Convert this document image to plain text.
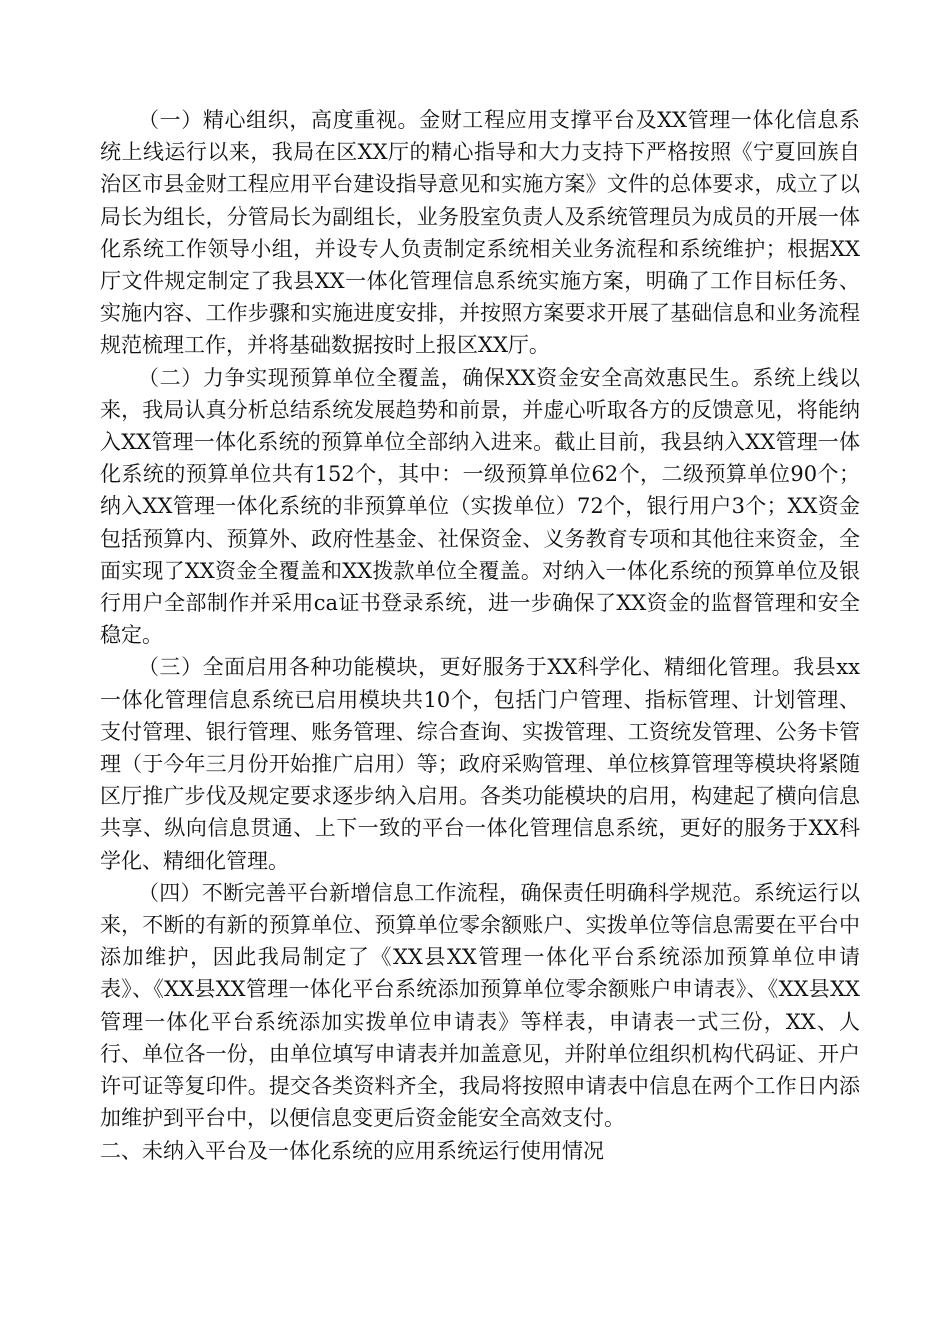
（一）精心组织，高度重视。金财工程应用支撑平台及XX管理一体化信息系统上线运行以来，我局在区XX厅的精心指导和大力支持下严格按照《宁夏回族自治区市县金财工程应用平台建设指导意见和实施方案》文件的总体要求，成立了以局长为组长，分管局长为副组长，业务股室负责人及系统管理员为成员的开展一体化系统工作领导小组，并设专人负责制定系统相关业务流程和系统维护；根据XX厅文件规定制定了我县XX一体化管理信息系统实施方案，明确了工作目标任务、实施内容、工作步骤和实施进度安排，并按照方案要求开展了基础信息和业务流程规范梳理工作，并将基础数据按时上报区XX厅。

（二）力争实现预算单位全覆盖，确保XX资金安全高效惠民生。系统上线以来，我局认真分析总结系统发展趋势和前景，并虚心听取各方的反馈意见，将能纳入XX管理一体化系统的预算单位全部纳入进来。截止目前，我县纳入XX管理一体化系统的预算单位共有152个，其中：一级预算单位62个，二级预算单位90个；纳入XX管理一体化系统的非预算单位（实拨单位）72个，银行用户3个；XX资金包括预算内、预算外、政府性基金、社保资金、义务教育专项和其他往来资金，全面实现了XX资金全覆盖和XX拨款单位全覆盖。对纳入一体化系统的预算单位及银行用户全部制作并采用ca证书登录系统，进一步确保了XX资金的监督管理和安全稳定。

（三）全面启用各种功能模块，更好服务于XX科学化、精细化管理。我县xx一体化管理信息系统已启用模块共10个，包括门户管理、指标管理、计划管理、支付管理、银行管理、账务管理、综合查询、实拨管理、工资统发管理、公务卡管理（于今年三月份开始推广启用）等；政府采购管理、单位核算管理等模块将紧随区厅推广步伐及规定要求逐步纳入启用。各类功能模块的启用，构建起了横向信息共享、纵向信息贯通、上下一致的平台一体化管理信息系统，更好的服务于XX科学化、精细化管理。

（四）不断完善平台新增信息工作流程，确保责任明确科学规范。系统运行以来，不断的有新的预算单位、预算单位零余额账户、实拨单位等信息需要在平台中添加维护，因此我局制定了《XX县XX管理一体化平台系统添加预算单位申请表》、《XX县XX管理一体化平台系统添加预算单位零余额账户申请表》、《XX县XX管理一体化平台系统添加实拨单位申请表》等样表，申请表一式三份，XX、人行、单位各一份，由单位填写申请表并加盖意见，并附单位组织机构代码证、开户许可证等复印件。提交各类资料齐全，我局将按照申请表中信息在两个工作日内添加维护到平台中，以便信息变更后资金能安全高效支付。

二、未纳入平台及一体化系统的应用系统运行使用情况
